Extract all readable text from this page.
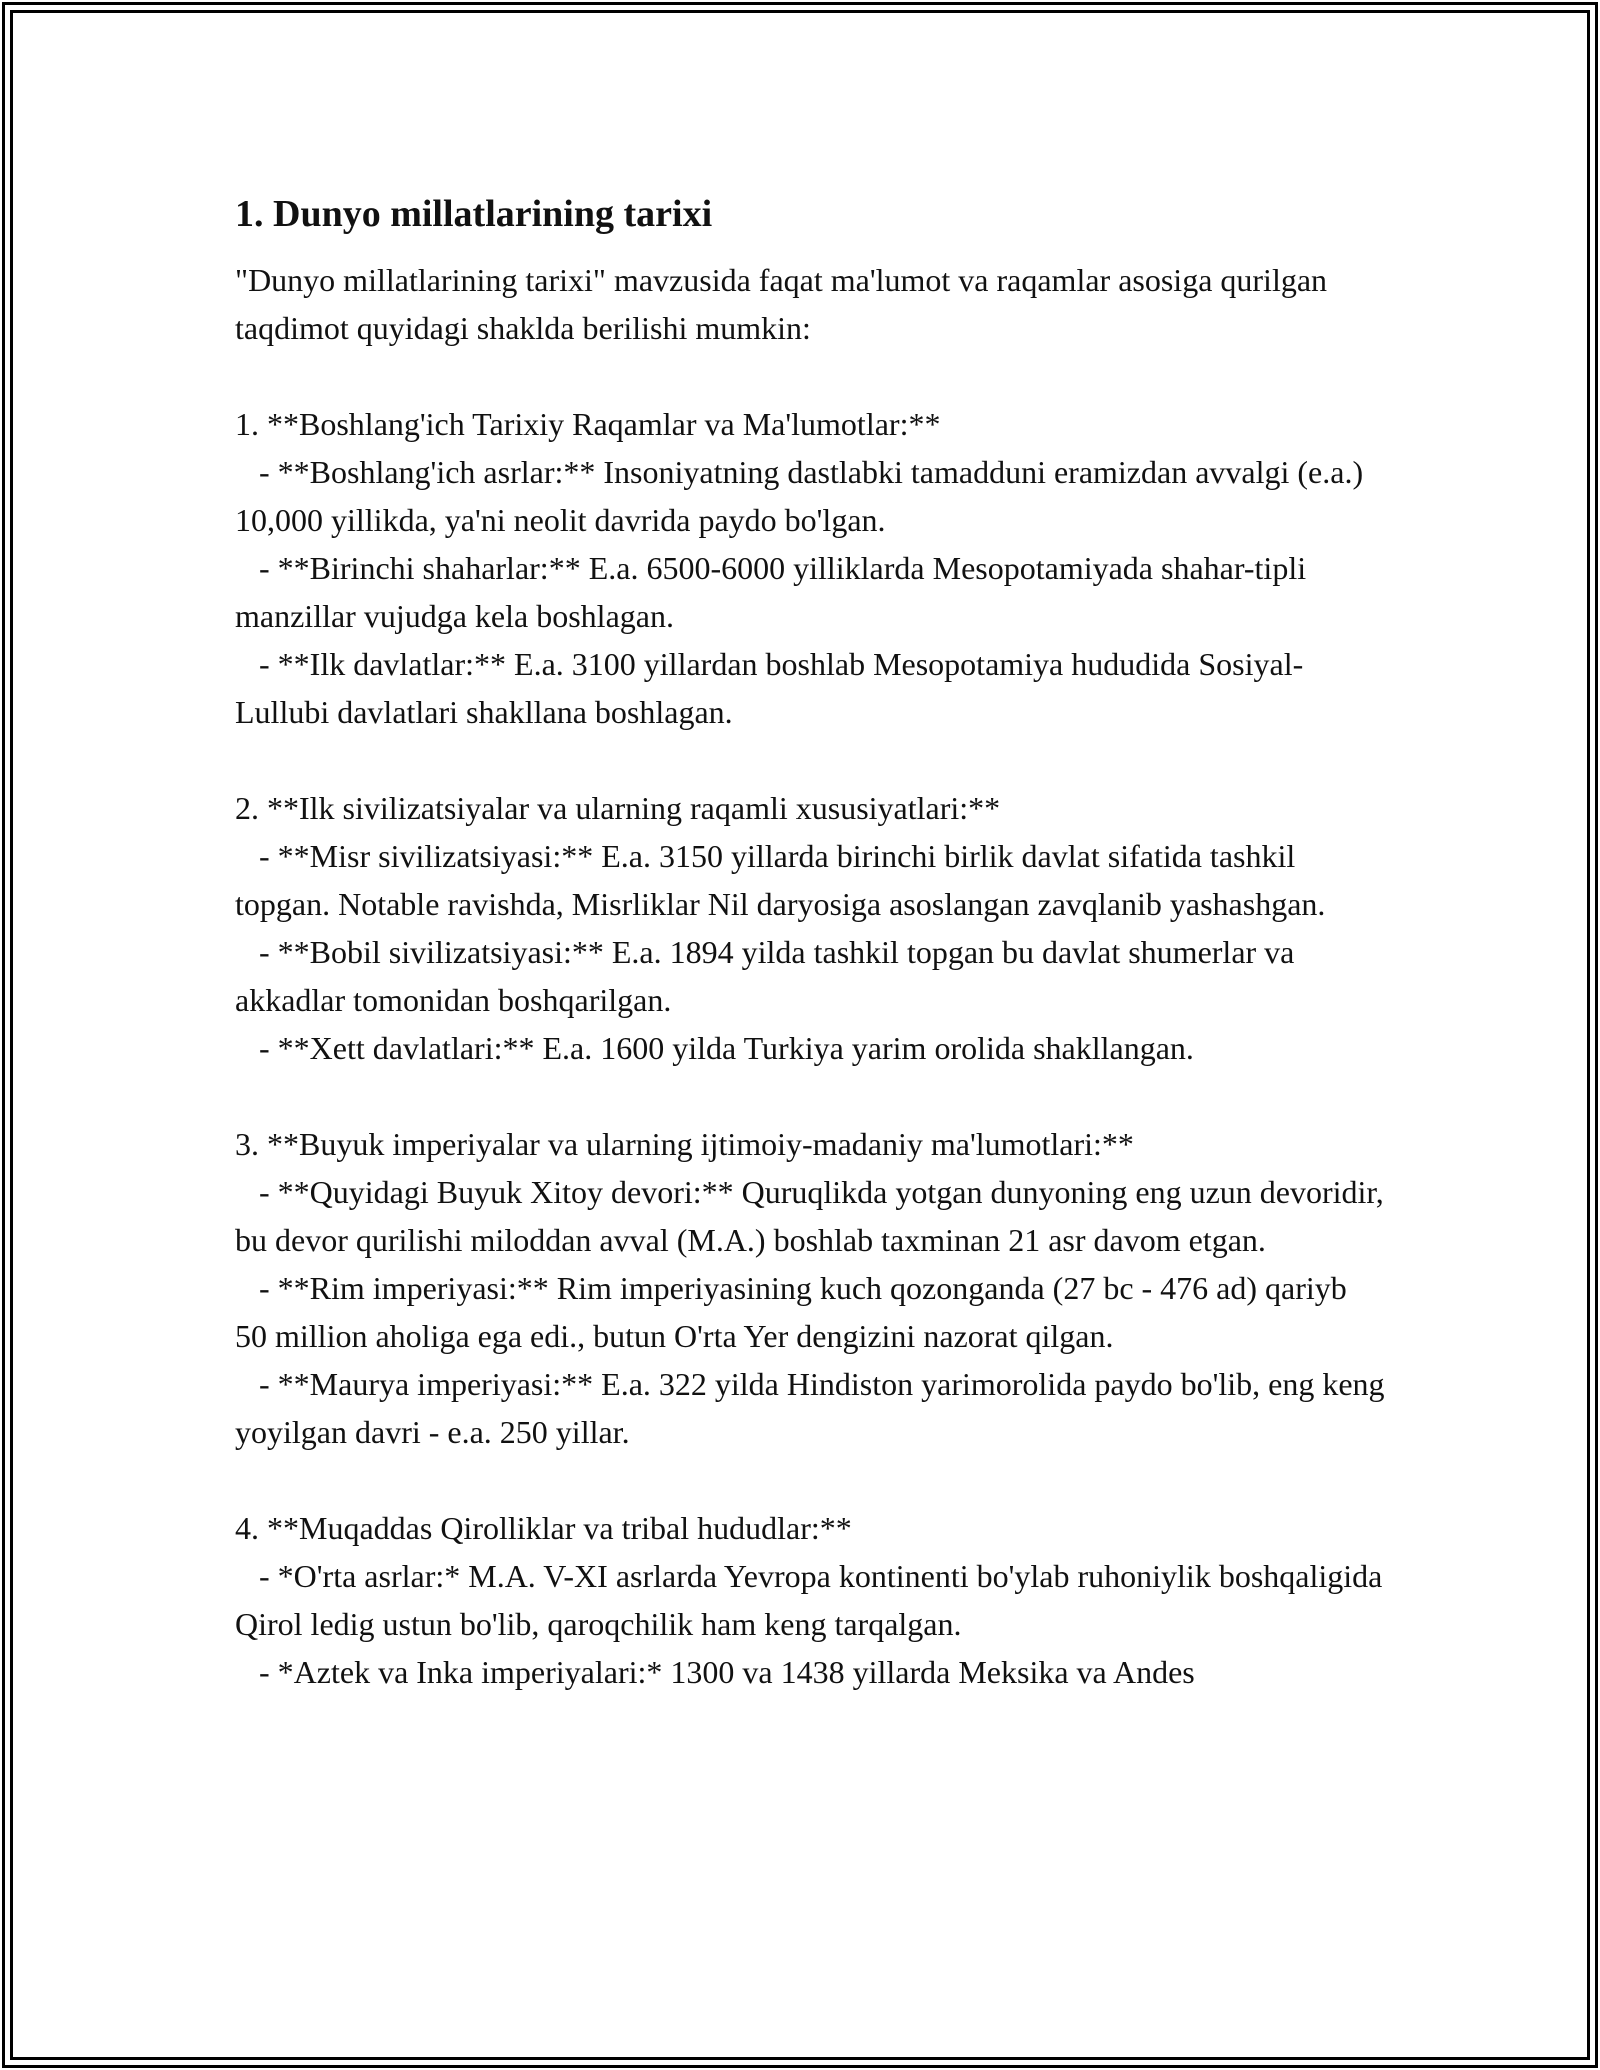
1. Dunyo millatlarining tarixi

"Dunyo millatlarining tarixi" mavzusida faqat ma'lumot va raqamlar asosiga qurilgan taqdimot quyidagi shaklda berilishi mumkin:

1. **Boshlang'ich Tarixiy Raqamlar va Ma'lumotlar:**

- **Boshlang'ich asrlar:** Insoniyatning dastlabki tamadduni eramizdan avvalgi (e.a.) 10,000 yillikda, ya'ni neolit davrida paydo bo'lgan.

- **Birinchi shaharlar:** E.a. 6500-6000 yilliklarda Mesopotamiyada shahar-tipli manzillar vujudga kela boshlagan.

- **Ilk davlatlar:** E.a. 3100 yillardan boshlab Mesopotamiya hududida Sosiyal-Lullubi davlatlari shakllana boshlagan.

2. **Ilk sivilizatsiyalar va ularning raqamli xususiyatlari:**

- **Misr sivilizatsiyasi:** E.a. 3150 yillarda birinchi birlik davlat sifatida tashkil topgan. Notable ravishda, Misrliklar Nil daryosiga asoslangan zavqlanib yashashgan.

- **Bobil sivilizatsiyasi:** E.a. 1894 yilda tashkil topgan bu davlat shumerlar va akkadlar tomonidan boshqarilgan.

- **Xett davlatlari:** E.a. 1600 yilda Turkiya yarim orolida shakllangan.

3. **Buyuk imperiyalar va ularning ijtimoiy-madaniy ma'lumotlari:**

- **Quyidagi Buyuk Xitoy devori:** Quruqlikda yotgan dunyoning eng uzun devoridir, bu devor qurilishi miloddan avval (M.A.) boshlab taxminan 21 asr davom etgan.

- **Rim imperiyasi:** Rim imperiyasining kuch qozonganda (27 bc - 476 ad) qariyb 50 million aholiga ega edi., butun O'rta Yer dengizini nazorat qilgan.

- **Maurya imperiyasi:** E.a. 322 yilda Hindiston yarimorolida paydo bo'lib, eng keng yoyilgan davri - e.a. 250 yillar.

4. **Muqaddas Qirolliklar va tribal hududlar:**

- *O'rta asrlar:* M.A. V-XI asrlarda Yevropa kontinenti bo'ylab ruhoniylik boshqaligida Qirol ledig ustun bo'lib, qaroqchilik ham keng tarqalgan.

- *Aztek va Inka imperiyalari:* 1300 va 1438 yillarda Meksika va Andes
